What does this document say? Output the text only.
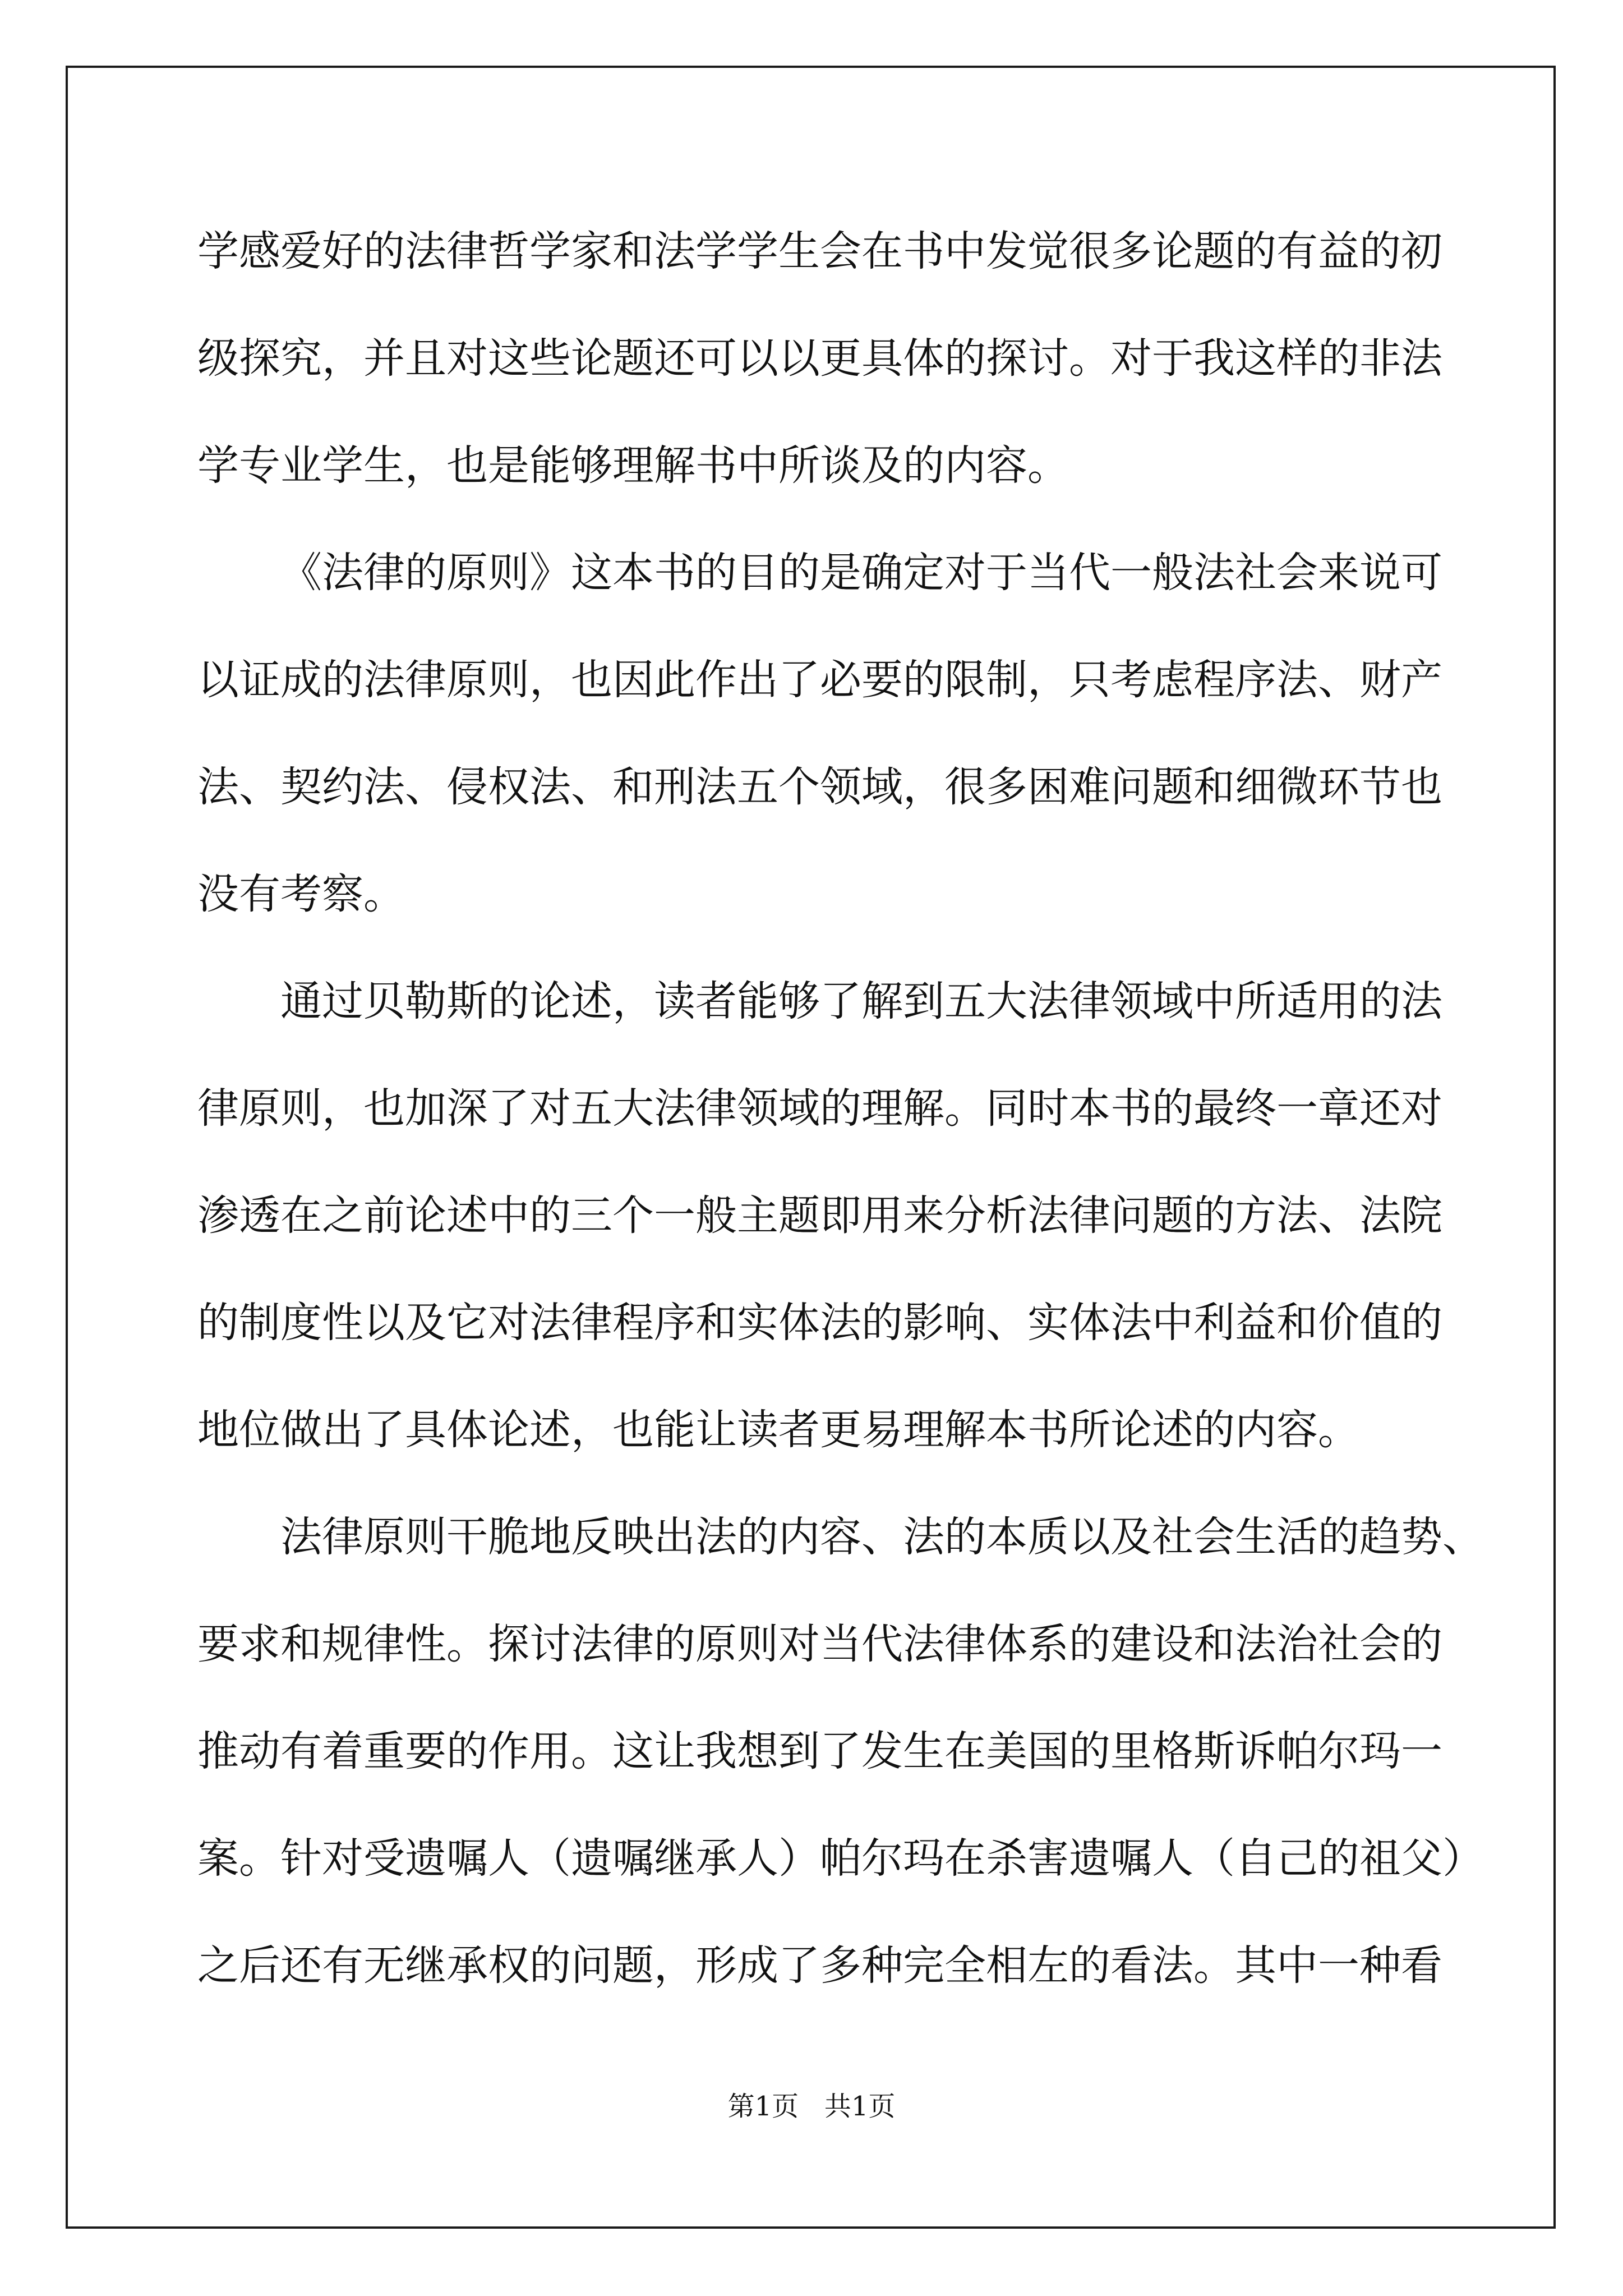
学感爱好的法律哲学家和法学学生会在书中发觉很多论题的有益的初
级探究，并且对这些论题还可以以更具体的探讨。对于我这样的非法
学专业学生，也是能够理解书中所谈及的内容。
《法律的原则》这本书的目的是确定对于当代一般法社会来说可
以证成的法律原则，也因此作出了必要的限制，只考虑程序法、财产
法、契约法、侵权法、和刑法五个领域，很多困难问题和细微环节也
没有考察。
通过贝勒斯的论述，读者能够了解到五大法律领域中所适用的法
律原则，也加深了对五大法律领域的理解。同时本书的最终一章还对
渗透在之前论述中的三个一般主题即用来分析法律问题的方法、法院
的制度性以及它对法律程序和实体法的影响、实体法中利益和价值的
地位做出了具体论述，也能让读者更易理解本书所论述的内容。
法律原则干脆地反映出法的内容、法的本质以及社会生活的趋势、
要求和规律性。探讨法律的原则对当代法律体系的建设和法治社会的
推动有着重要的作用。这让我想到了发生在美国的里格斯诉帕尔玛一
案。针对受遗嘱人（遗嘱继承人）帕尔玛在杀害遗嘱人（自己的祖父）
之后还有无继承权的问题，形成了多种完全相左的看法。其中一种看
第1页 共1页
